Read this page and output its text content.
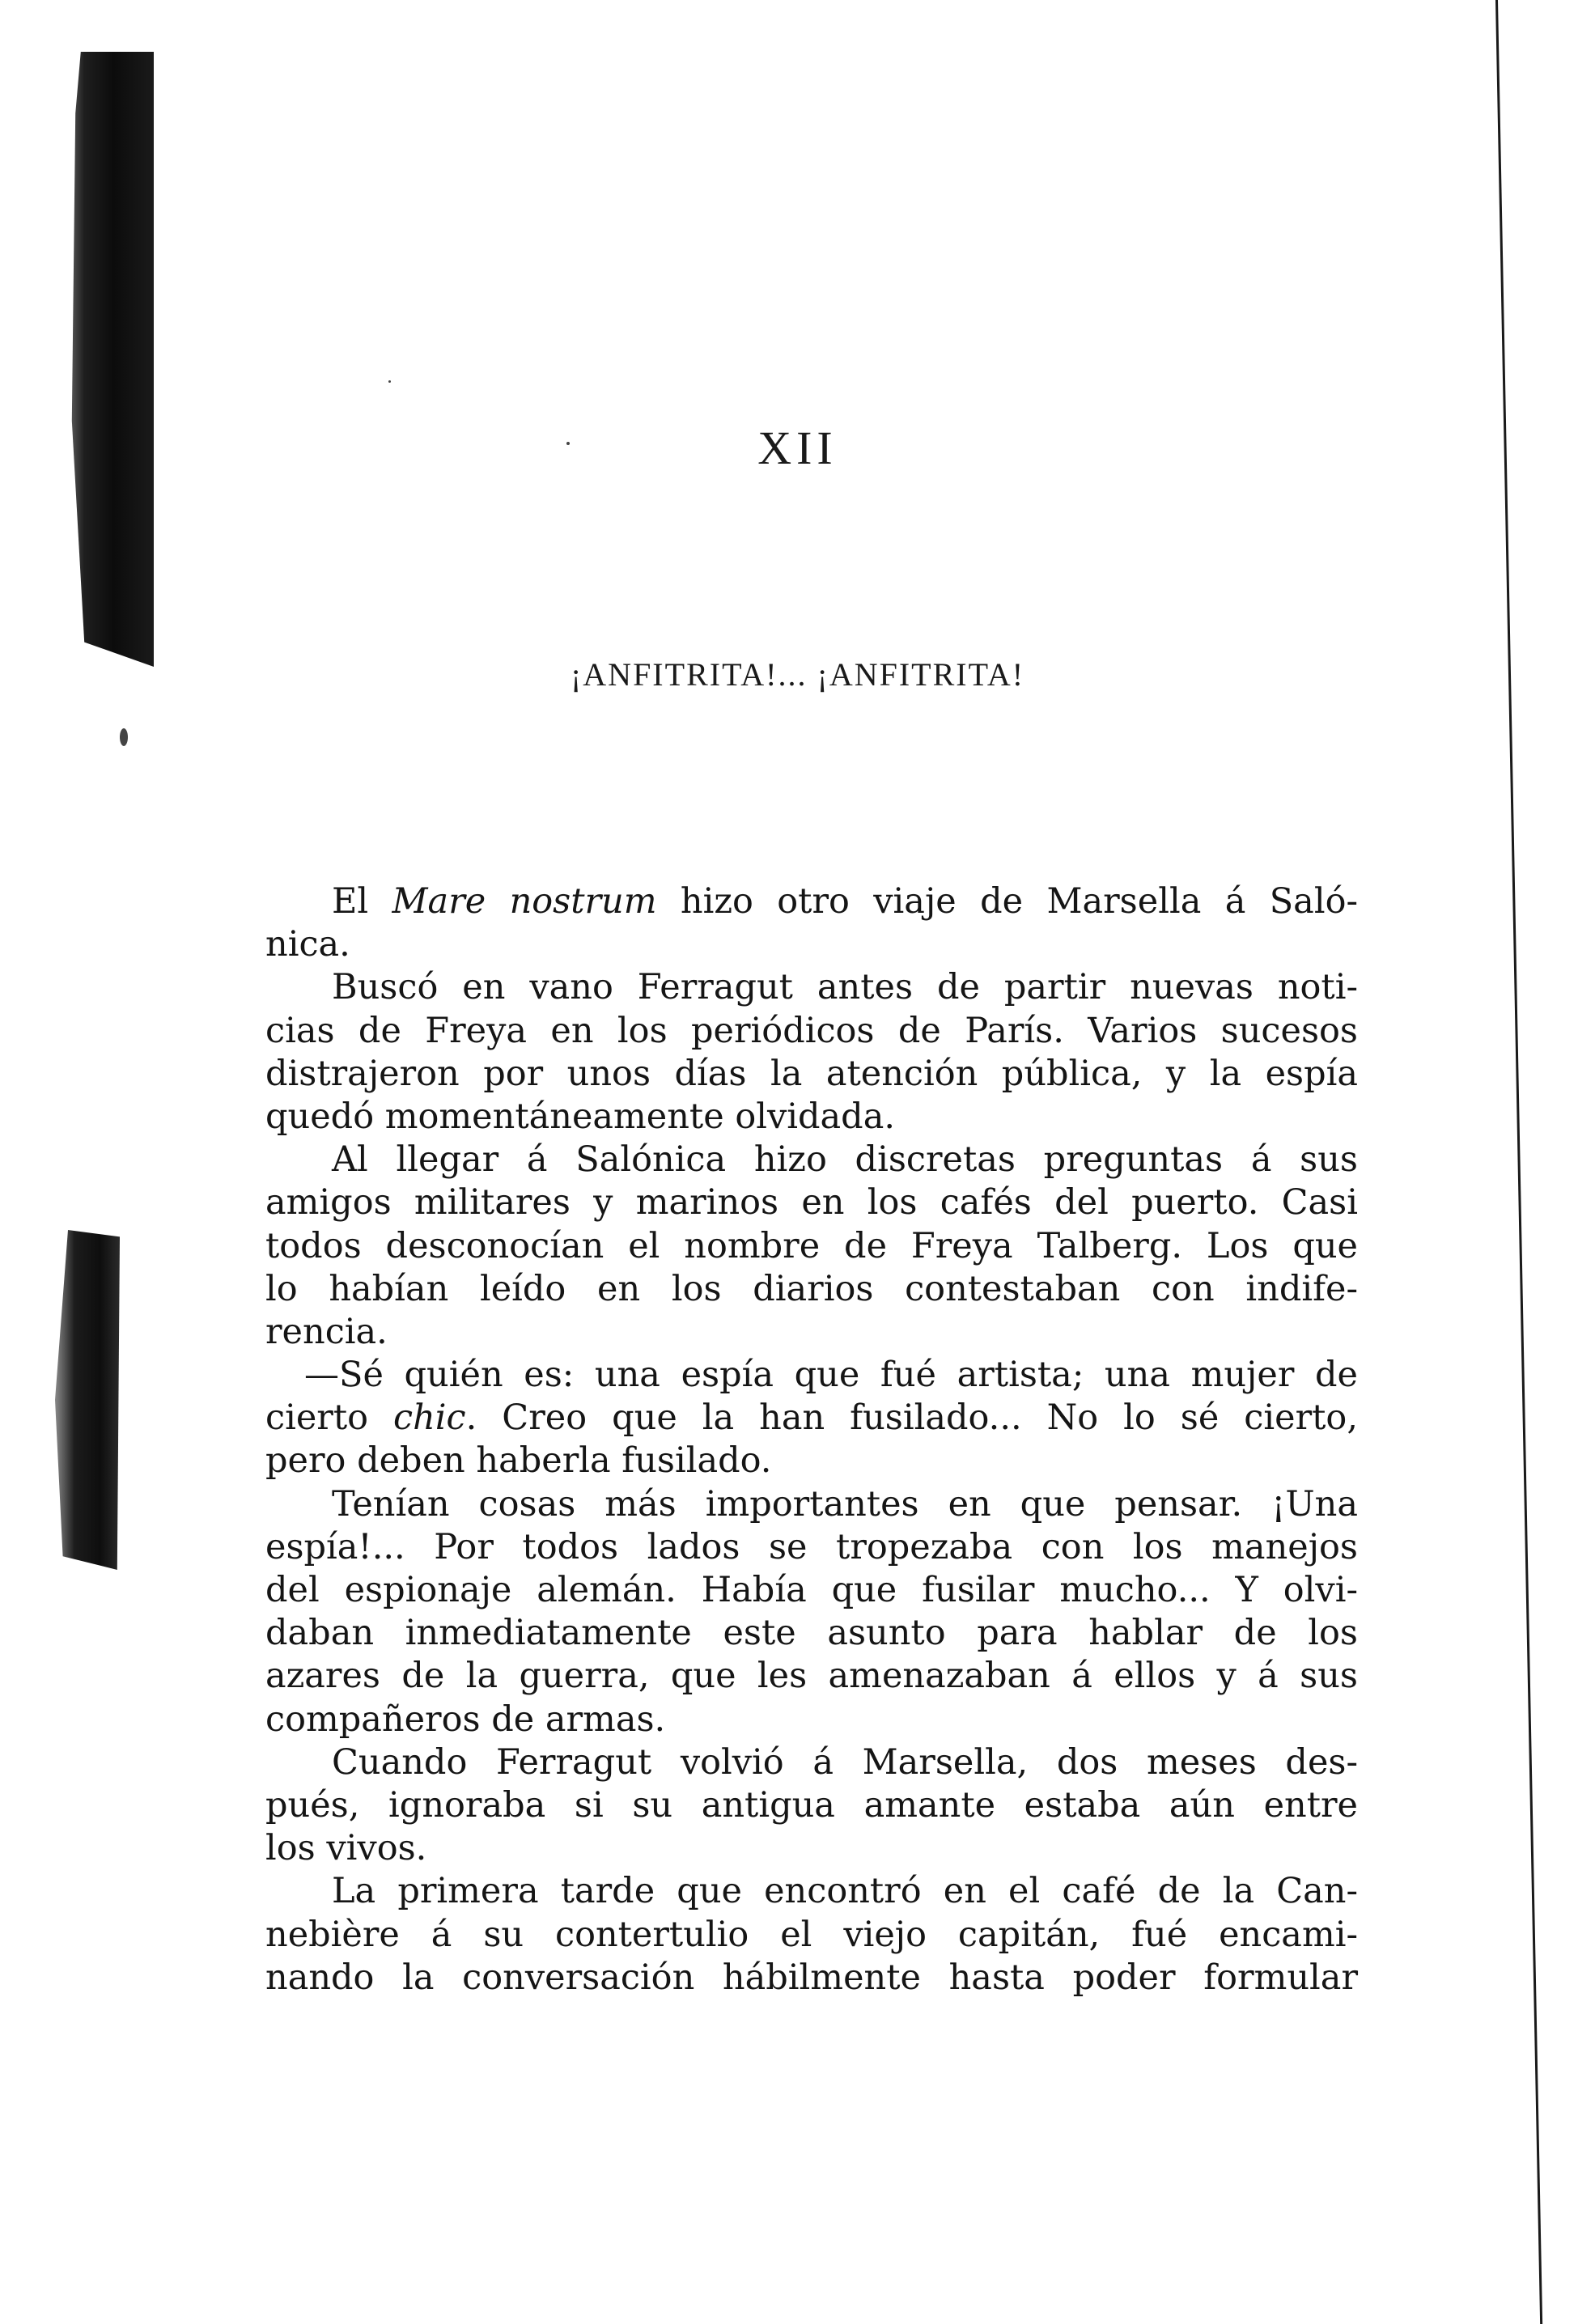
XII
¡ANFITRITA!... ¡ANFITRITA!
El Mare nostrum hizo otro viaje de Marsella á Saló-
nica.
Buscó en vano Ferragut antes de partir nuevas noti-
cias de Freya en los periódicos de París. Varios sucesos
distrajeron por unos días la atención pública, y la espía
quedó momentáneamente olvidada.
Al llegar á Salónica hizo discretas preguntas á sus
amigos militares y marinos en los cafés del puerto. Casi
todos desconocían el nombre de Freya Talberg. Los que
lo habían leído en los diarios contestaban con indife-
rencia.
—Sé quién es: una espía que fué artista; una mujer de
cierto chic. Creo que la han fusilado... No lo sé cierto,
pero deben haberla fusilado.
Tenían cosas más importantes en que pensar. ¡Una
espía!... Por todos lados se tropezaba con los manejos
del espionaje alemán. Había que fusilar mucho... Y olvi-
daban inmediatamente este asunto para hablar de los
azares de la guerra, que les amenazaban á ellos y á sus
compañeros de armas.
Cuando Ferragut volvió á Marsella, dos meses des-
pués, ignoraba si su antigua amante estaba aún entre
los vivos.
La primera tarde que encontró en el café de la Can-
nebière á su contertulio el viejo capitán, fué encami-
nando la conversación hábilmente hasta poder formular
